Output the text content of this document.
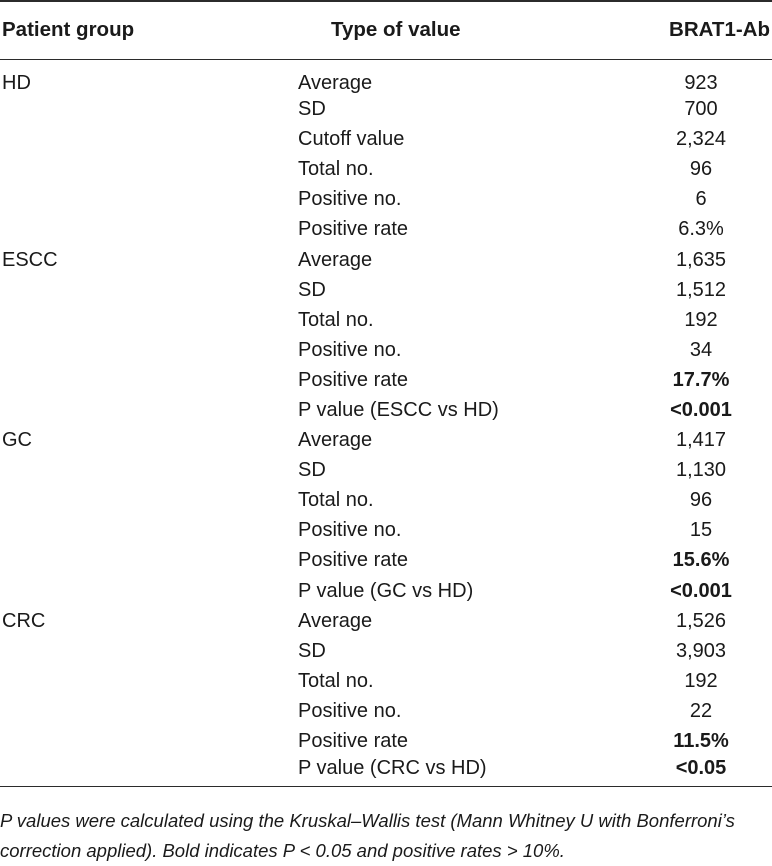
Patient group	Type of value	BRAT1-Ab
HD	Average	923
	SD	700
	Cutoff value	2,324
	Total no.	96
	Positive no.	6
	Positive rate	6.3%
ESCC	Average	1,635
	SD	1,512
	Total no.	192
	Positive no.	34
	Positive rate	17.7%
	P value (ESCC vs HD)	<0.001
GC	Average	1,417
	SD	1,130
	Total no.	96
	Positive no.	15
	Positive rate	15.6%
	P value (GC vs HD)	<0.001
CRC	Average	1,526
	SD	3,903
	Total no.	192
	Positive no.	22
	Positive rate	11.5%
	P value (CRC vs HD)	<0.05

P values were calculated using the Kruskal–Wallis test (Mann Whitney U with Bonferroni’s

correction applied). Bold indicates P < 0.05 and positive rates > 10%.
